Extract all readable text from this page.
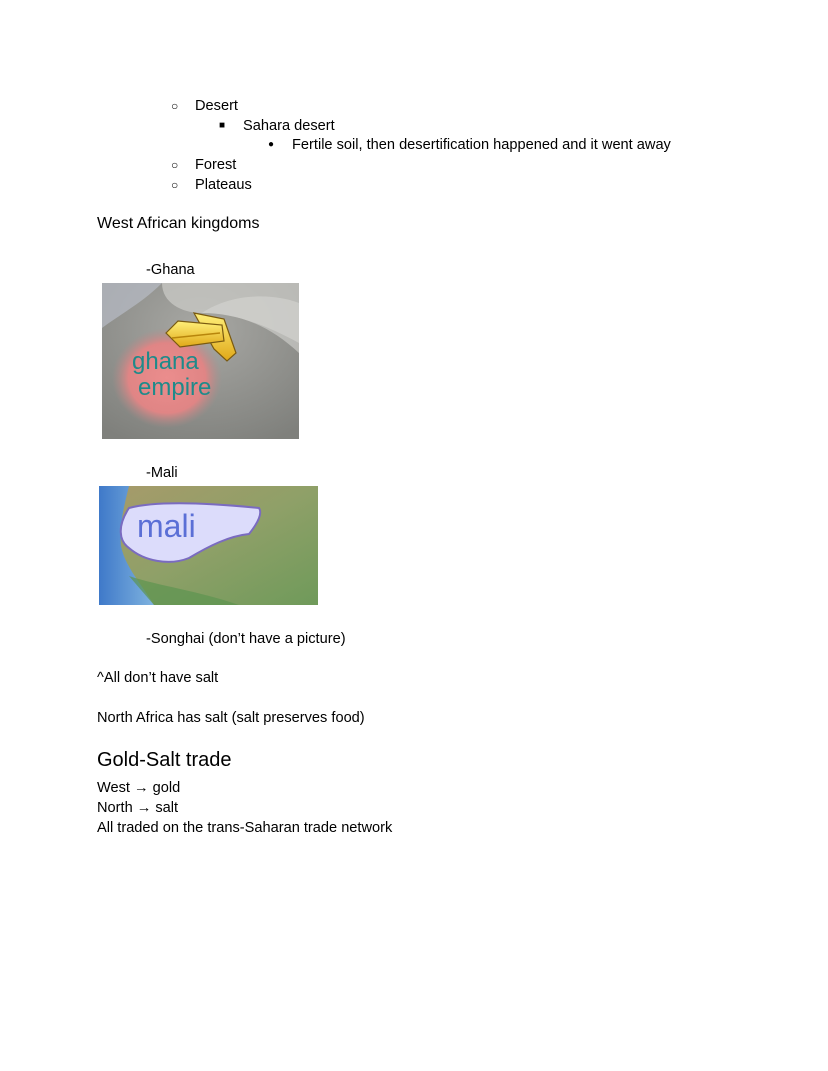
○ Desert
■ Sahara desert
● Fertile soil, then desertification happened and it went away
○ Forest
○ Plateaus
West African kingdoms
-Ghana
ghana
empire
-Mali
mali
-Songhai (don’t have a picture)
^All don’t have salt
North Africa has salt (salt preserves food)
Gold-Salt trade
West → gold
North → salt
All traded on the trans-Saharan trade network
